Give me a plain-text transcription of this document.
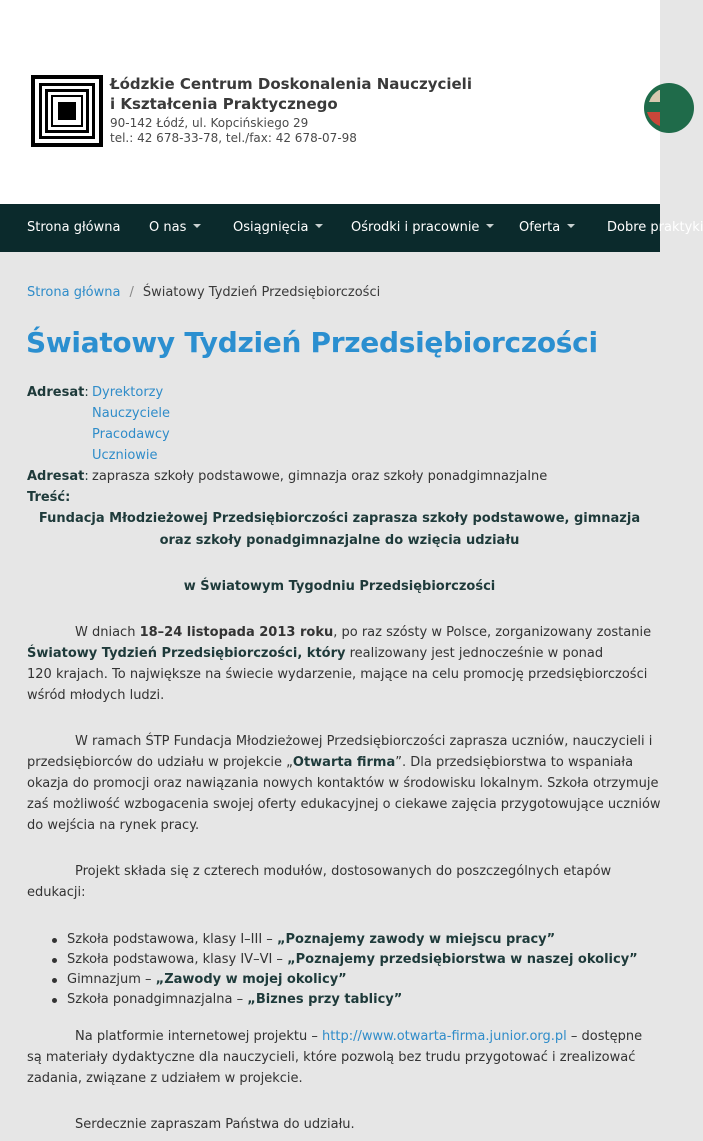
Łódzkie Centrum Doskonalenia Nauczycieli
i Kształcenia Praktycznego
90-142 Łódź, ul. Kopcińskiego 29
tel.: 42 678-33-78, tel./fax: 42 678-07-98
Strona główna O nas	Osiągnięcia	Ośrodki i pracownie	Oferta	Dobre praktyki
Strona główna / Światowy Tydzień Przedsiębiorczości
Światowy Tydzień Przedsiębiorczości
Adresat: Dyrektorzy
Nauczyciele
Pracodawcy
Uczniowie
Adresat: zaprasza szkoły podstawowe, gimnazja oraz szkoły ponadgimnazjalne
Treść:
Fundacja Młodzieżowej Przedsiębiorczości zaprasza szkoły podstawowe, gimnazja
oraz szkoły ponadgimnazjalne do wzięcia udziału
w Światowym Tygodniu Przedsiębiorczości
W dniach 18–24 listopada 2013 roku, po raz szósty w Polsce, zorganizowany zostanie
Światowy Tydzień Przedsiębiorczości, który realizowany jest jednocześnie w ponad
120 krajach. To największe na świecie wydarzenie, mające na celu promocję przedsiębiorczości
wśród młodych ludzi.
W ramach ŚTP Fundacja Młodzieżowej Przedsiębiorczości zaprasza uczniów, nauczycieli i
przedsiębiorców do udziału w projekcie „Otwarta firma”. Dla przedsiębiorstwa to wspaniała
okazja do promocji oraz nawiązania nowych kontaktów w środowisku lokalnym. Szkoła otrzymuje
zaś możliwość wzbogacenia swojej oferty edukacyjnej o ciekawe zajęcia przygotowujące uczniów
do wejścia na rynek pracy.
Projekt składa się z czterech modułów, dostosowanych do poszczególnych etapów
edukacji:
Szkoła podstawowa, klasy I–III – „Poznajemy zawody w miejscu pracy”
Szkoła podstawowa, klasy IV–VI – „Poznajemy przedsiębiorstwa w naszej okolicy”
Gimnazjum – „Zawody w mojej okolicy”
Szkoła ponadgimnazjalna – „Biznes przy tablicy”
Na platformie internetowej projektu – http://www.otwarta-firma.junior.org.pl – dostępne
są materiały dydaktyczne dla nauczycieli, które pozwolą bez trudu przygotować i zrealizować
zadania, związane z udziałem w projekcie.
Serdecznie zapraszam Państwa do udziału.
